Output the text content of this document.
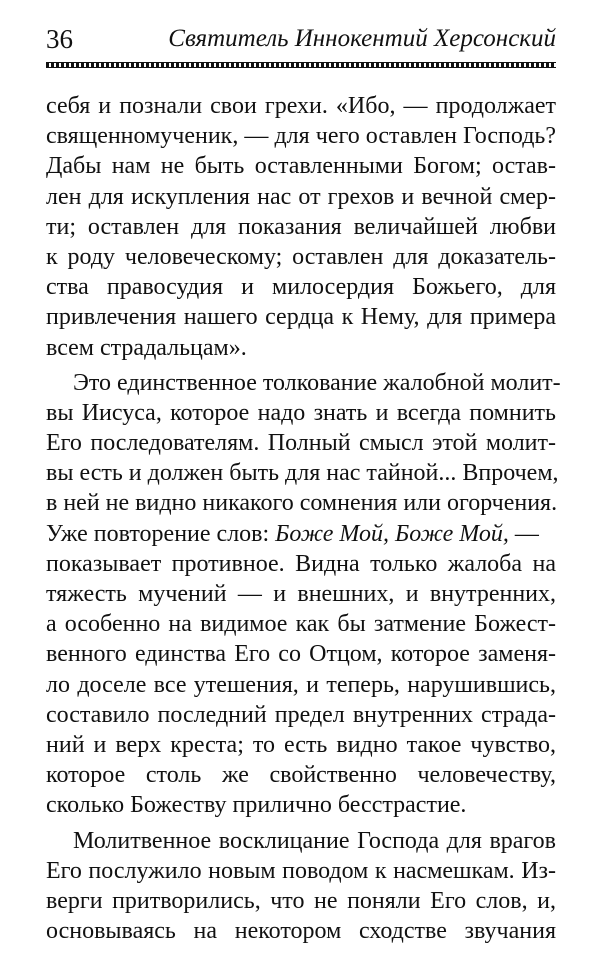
36	Святитель Иннокентий Херсонский
себя и познали свои грехи. «Ибо, — продолжает
священномученик, — для чего оставлен Господь?
Дабы нам не быть оставленными Богом; остав-
лен для искупления нас от грехов и вечной смер-
ти; оставлен для показания величайшей любви
к роду человеческому; оставлен для доказатель-
ства правосудия и милосердия Божьего, для
привлечения нашего сердца к Нему, для примера
всем страдальцам».
Это единственное толкование жалобной молит-
вы Иисуса, которое надо знать и всегда помнить
Его последователям. Полный смысл этой молит-
вы есть и должен быть для нас тайной... Впрочем,
в ней не видно никакого сомнения или огорчения.
Уже повторение слов: Боже Мой, Боже Мой, —
показывает противное. Видна только жалоба на
тяжесть мучений — и внешних, и внутренних,
а особенно на видимое как бы затмение Божест-
венного единства Его со Отцом, которое заменя-
ло доселе все утешения, и теперь, нарушившись,
составило последний предел внутренних страда-
ний и верх креста; то есть видно такое чувство,
которое столь же свойственно человечеству,
сколько Божеству прилично бесстрастие.
Молитвенное восклицание Господа для врагов
Его послужило новым поводом к насмешкам. Из-
верги притворились, что не поняли Его слов, и,
основываясь на некотором сходстве звучания
